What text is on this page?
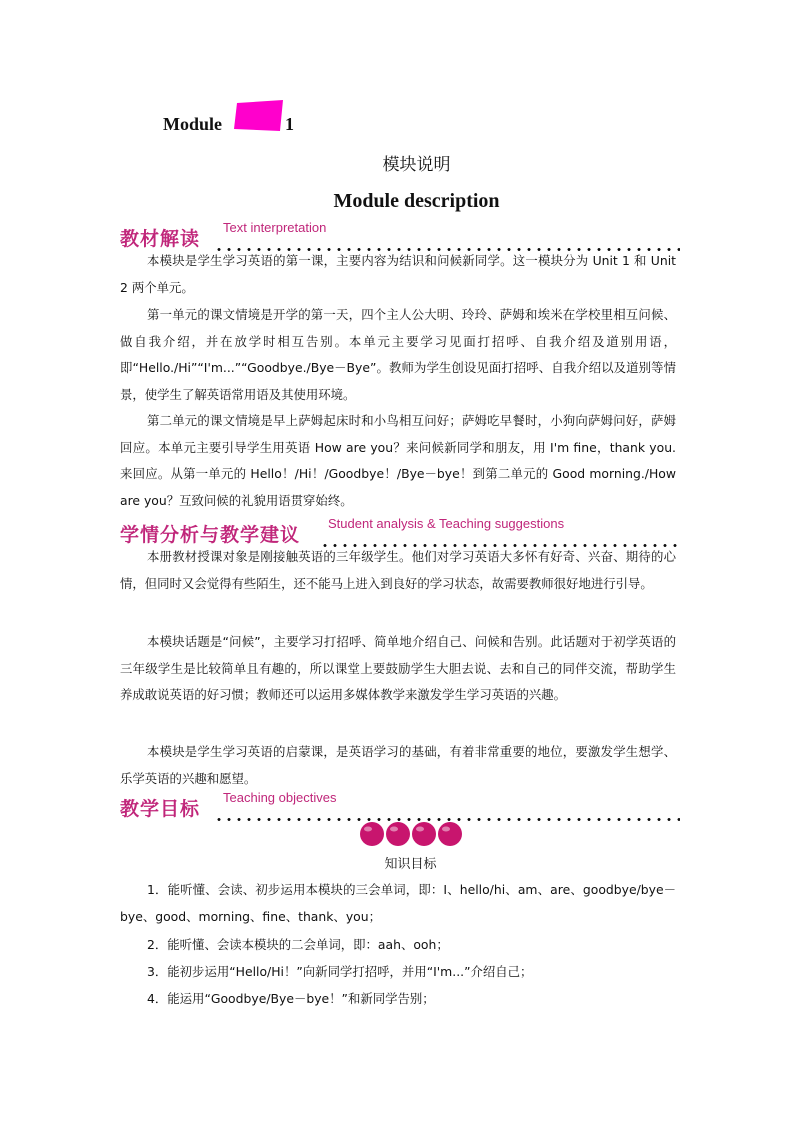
Module	1
模块说明
Module description
教材解读
Text interpretation

本模块是学生学习英语的第一课，主要内容为结识和问候新同学。这一模块分为 Unit 1 和 Unit 2 两个单元。

第一单元的课文情境是开学的第一天，四个主人公大明、玲玲、萨姆和埃米在学校里相互问候、做自我介绍，并在放学时相互告别。本单元主要学习见面打招呼、自我介绍及道别用语，即“Hello./Hi”“I'm...”“Goodbye./Bye－Bye”。教师为学生创设见面打招呼、自我介绍以及道别等情景，使学生了解英语常用语及其使用环境。

第二单元的课文情境是早上萨姆起床时和小鸟相互问好；萨姆吃早餐时，小狗向萨姆问好，萨姆回应。本单元主要引导学生用英语 How are you？来问候新同学和朋友，用 I'm fine，thank you.来回应。从第一单元的 Hello！/Hi！/Goodbye！/Bye－bye！到第二单元的 Good morning./How are you？互致问候的礼貌用语贯穿始终。

学情分析与教学建议
Student analysis & Teaching suggestions

本册教材授课对象是刚接触英语的三年级学生。他们对学习英语大多怀有好奇、兴奋、期待的心情，但同时又会觉得有些陌生，还不能马上进入到良好的学习状态，故需要教师很好地进行引导。

本模块话题是“问候”，主要学习打招呼、简单地介绍自己、问候和告别。此话题对于初学英语的三年级学生是比较简单且有趣的，所以课堂上要鼓励学生大胆去说、去和自己的同伴交流，帮助学生养成敢说英语的好习惯；教师还可以运用多媒体教学来激发学生学习英语的兴趣。

本模块是学生学习英语的启蒙课，是英语学习的基础，有着非常重要的地位，要激发学生想学、乐学英语的兴趣和愿望。

教学目标
Teaching objectives
知识目标

1．能听懂、会读、初步运用本模块的三会单词，即：I、hello/hi、am、are、goodbye/bye－bye、good、morning、fine、thank、you；

2．能听懂、会读本模块的二会单词，即：aah、ooh；

3．能初步运用“Hello/Hi！”向新同学打招呼，并用“I'm...”介绍自己；

4．能运用“Goodbye/Bye－bye！”和新同学告别；
